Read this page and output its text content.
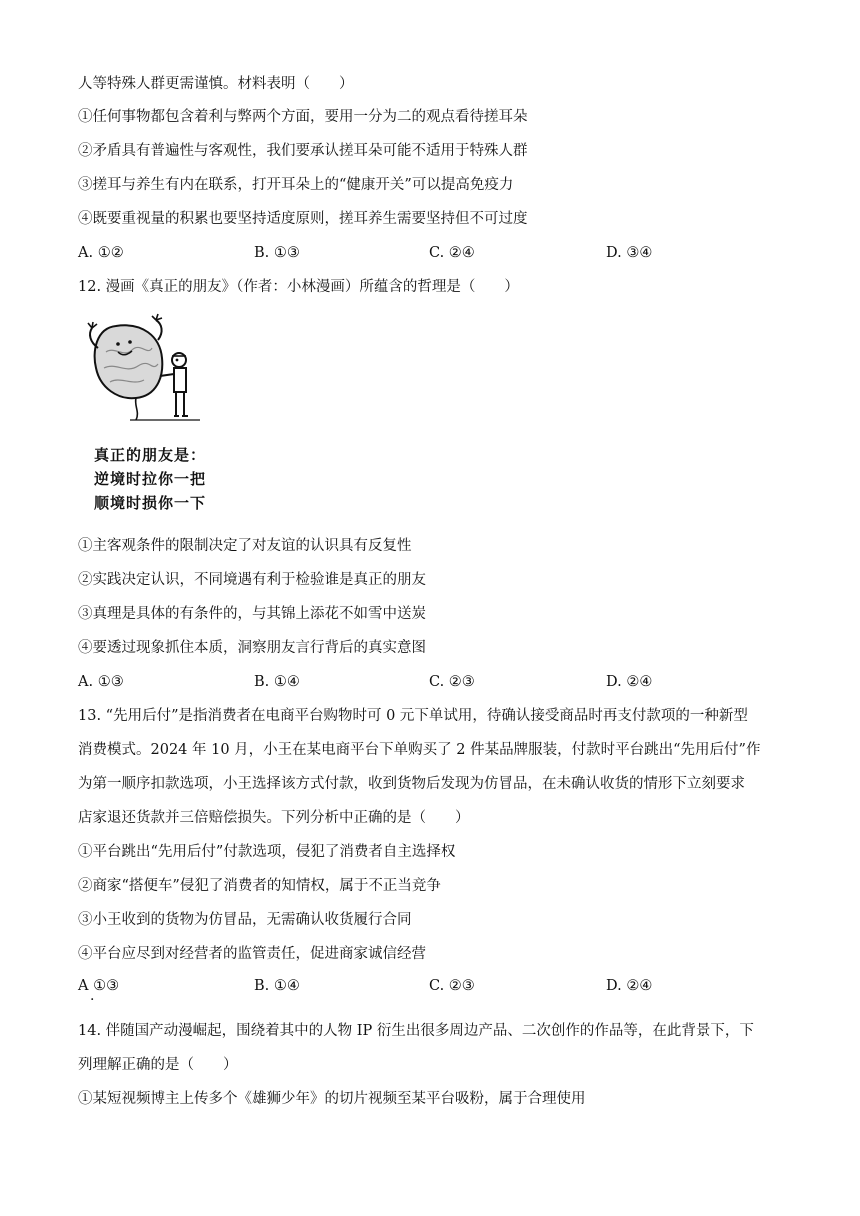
人等特殊人群更需谨慎。材料表明（　　）
①任何事物都包含着利与弊两个方面，要用一分为二的观点看待搓耳朵
②矛盾具有普遍性与客观性，我们要承认搓耳朵可能不适用于特殊人群
③搓耳与养生有内在联系，打开耳朵上的“健康开关”可以提高免疫力
④既要重视量的积累也要坚持适度原则，搓耳养生需要坚持但不可过度
A. ①②	B. ①③	C. ②④	D. ③④
12. 漫画《真正的朋友》（作者：小林漫画）所蕴含的哲理是（　　）
真正的朋友是：
逆境时拉你一把
顺境时损你一下
①主客观条件的限制决定了对友谊的认识具有反复性
②实践决定认识，不同境遇有利于检验谁是真正的朋友
③真理是具体的有条件的，与其锦上添花不如雪中送炭
④要透过现象抓住本质，洞察朋友言行背后的真实意图
A. ①③	B. ①④	C. ②③	D. ②④
13. “先用后付”是指消费者在电商平台购物时可 0 元下单试用，待确认接受商品时再支付款项的一种新型
消费模式。2024 年 10 月，小王在某电商平台下单购买了 2 件某品牌服装，付款时平台跳出“先用后付”作
为第一顺序扣款选项，小王选择该方式付款，收到货物后发现为仿冒品，在未确认收货的情形下立刻要求
店家退还货款并三倍赔偿损失。下列分析中正确的是（　　）
①平台跳出“先用后付”付款选项，侵犯了消费者自主选择权
②商家“搭便车”侵犯了消费者的知情权，属于不正当竞争
③小王收到的货物为仿冒品，无需确认收货履行合同
④平台应尽到对经营者的监管责任，促进商家诚信经营
A ①③
·
B. ①④	C. ②③	D. ②④
14. 伴随国产动漫崛起，围绕着其中的人物 IP 衍生出很多周边产品、二次创作的作品等，在此背景下，下
列理解正确的是（　　）
①某短视频博主上传多个《雄狮少年》的切片视频至某平台吸粉，属于合理使用
